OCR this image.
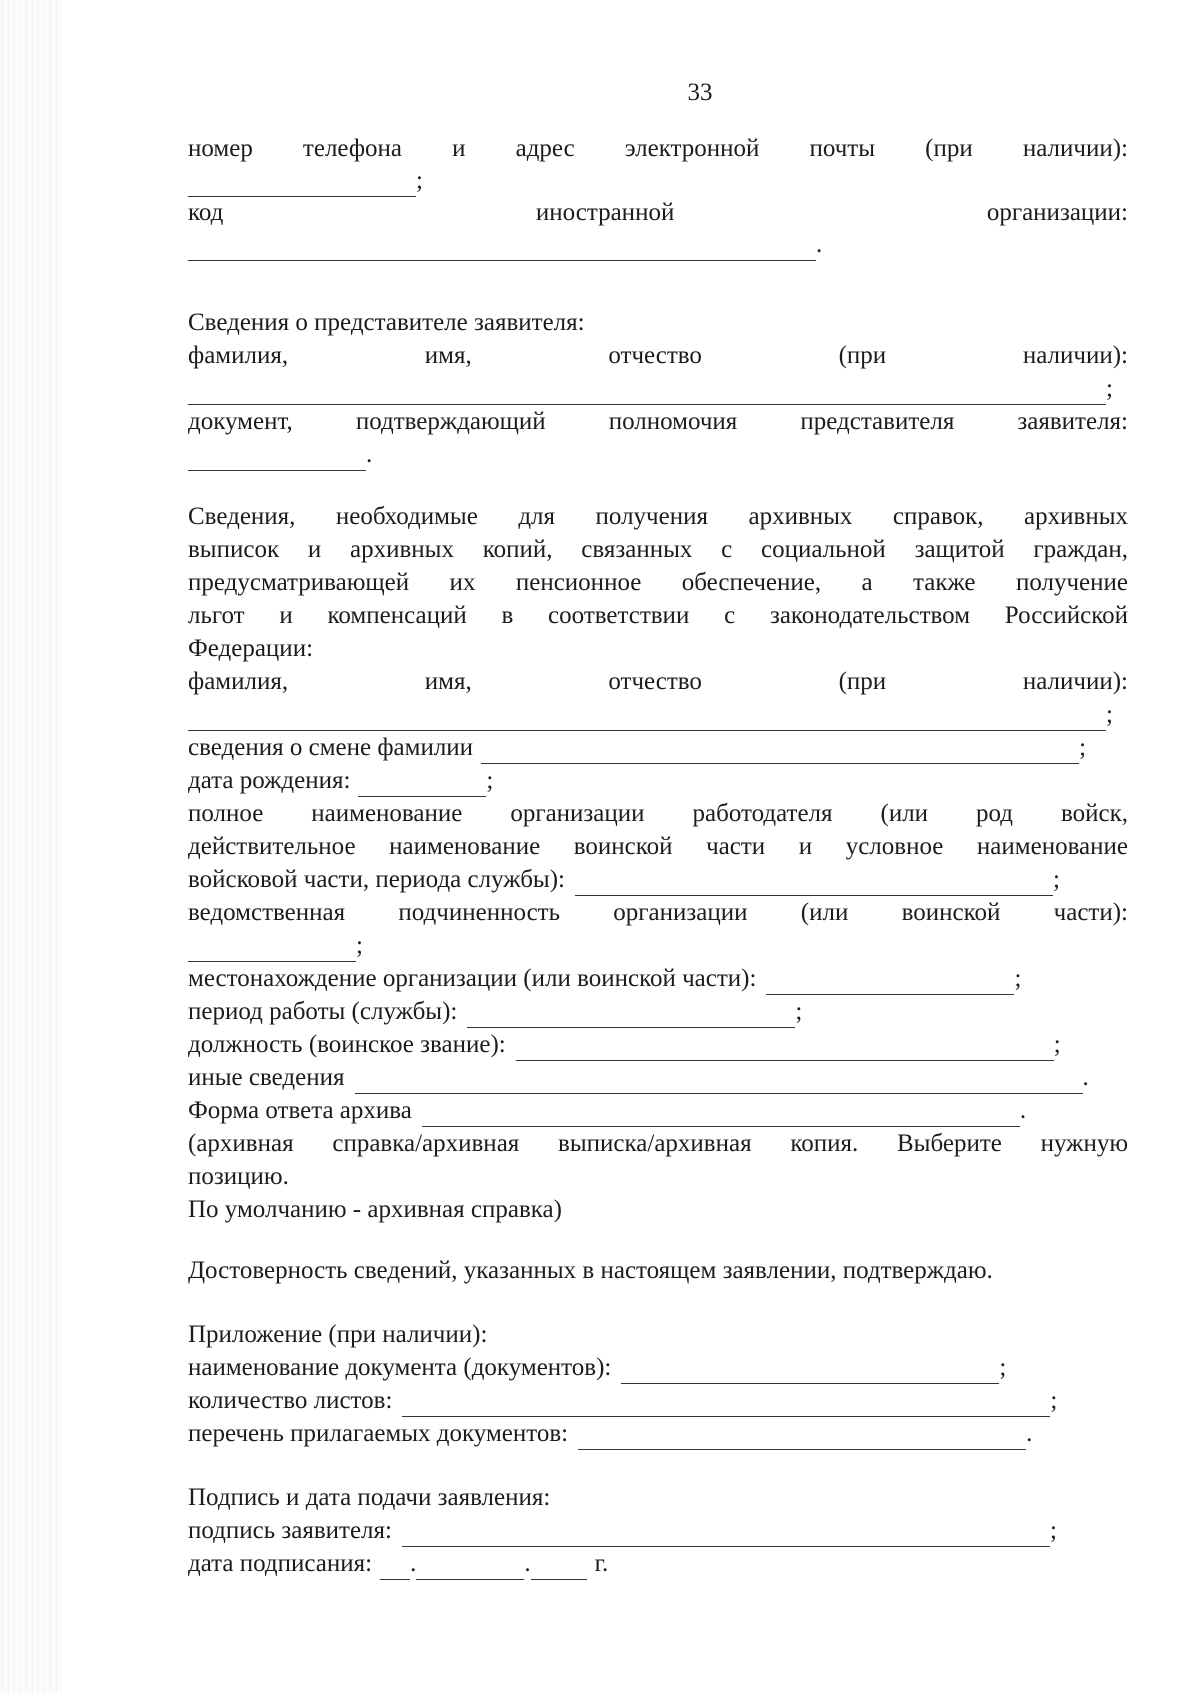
33
номер телефона и адрес электронной почты (при наличии):
;
код иностранной организации:
.
Сведения о представителе заявителя:
фамилия, имя, отчество (при наличии):
;
документ, подтверждающий полномочия представителя заявителя:
.
Сведения, необходимые для получения архивных справок, архивных
выписок и архивных копий, связанных с социальной защитой граждан,
предусматривающей их пенсионное обеспечение, а также получение
льгот и компенсаций в соответствии с законодательством Российской
Федерации:
фамилия, имя, отчество (при наличии):
;
сведения о смене фамилии	;
дата рождения:	;
полное наименование организации работодателя (или род войск,
действительное наименование воинской части и условное наименование
войсковой части, периода службы):	;
ведомственная подчиненность организации (или воинской части):
;
местонахождение организации (или воинской части):	;
период работы (службы):	;
должность (воинское звание):	;
иные сведения	.
Форма ответа архива	.
(архивная справка/архивная выписка/архивная копия. Выберите нужную
позицию.
По умолчанию - архивная справка)
Достоверность сведений, указанных в настоящем заявлении, подтверждаю.
Приложение (при наличии):
наименование документа (документов):	;
количество листов:	;
перечень прилагаемых документов:	.
Подпись и дата подачи заявления:
подпись заявителя:	;
дата подписания: .	.	г.
